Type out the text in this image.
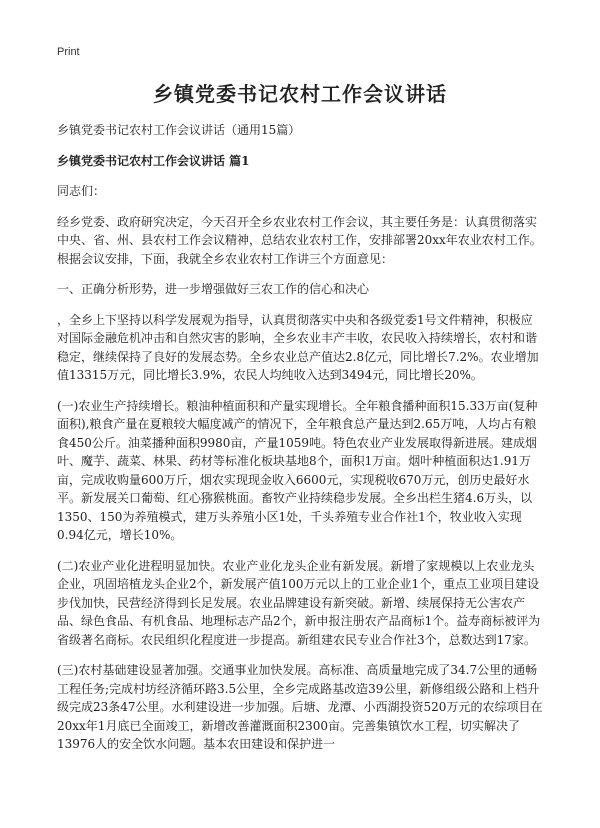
Print
乡镇党委书记农村工作会议讲话

乡镇党委书记农村工作会议讲话（通用15篇）

乡镇党委书记农村工作会议讲话 篇1

同志们：

经乡党委、政府研究决定，今天召开全乡农业农村工作会议，其主要任务是：认真贯彻落实中央、省、州、县农村工作会议精神，总结农业农村工作，安排部署20xx年农业农村工作。根据会议安排，下面，我就全乡农业农村工作讲三个方面意见：

一、正确分析形势，进一步增强做好三农工作的信心和决心

，全乡上下坚持以科学发展观为指导，认真贯彻落实中央和各级党委1号文件精神，积极应对国际金融危机冲击和自然灾害的影响，全乡农业丰产丰收，农民收入持续增长，农村和谐稳定，继续保持了良好的发展态势。全乡农业总产值达2.8亿元，同比增长7.2%。农业增加值13315万元，同比增长3.9%，农民人均纯收入达到3494元，同比增长20%。

(一)农业生产持续增长。粮油种植面积和产量实现增长。全年粮食播种面积15.33万亩(复种面积),粮食产量在夏粮较大幅度减产的情况下，全年粮食总产量达到2.65万吨，人均占有粮食450公斤。油菜播种面积9980亩，产量1059吨。特色农业产业发展取得新进展。建成烟叶、魔芋、蔬菜、林果、药材等标准化板块基地8个，面积1万亩。烟叶种植面积达1.91万亩，完成收购量600万斤，烟农实现现金收入6600元，实现税收670万元，创历史最好水平。新发展关口葡萄、红心猕猴桃面。畜牧产业持续稳步发展。全乡出栏生猪4.6万头，以1350、150为养殖模式，建万头养殖小区1处，千头养殖专业合作社1个，牧业收入实现0.94亿元，增长10%。

(二)农业产业化进程明显加快。农业产业化龙头企业有新发展。新增了家规模以上农业龙头企业，巩固培植龙头企业2个，新发展产值100万元以上的工业企业1个，重点工业项目建设步伐加快，民营经济得到长足发展。农业品牌建设有新突破。新增、续展保持无公害农产品、绿色食品、有机食品、地理标志产品2个，新申报注册农产品商标1个。益寿商标被评为省级著名商标。农民组织化程度进一步提高。新组建农民专业合作社3个，总数达到17家。

(三)农村基础建设显著加强。交通事业加快发展。高标准、高质量地完成了34.7公里的通畅工程任务;完成村坊经济循环路3.5公里，全乡完成路基改造39公里，新修组级公路和上档升级完成23条47公里。水利建设进一步加强。后塘、龙潭、小西湖投资520万元的农综项目在20xx年1月底已全面竣工，新增改善灌溉面积2300亩。完善集镇饮水工程，切实解决了13976人的安全饮水问题。基本农田建设和保护进一
